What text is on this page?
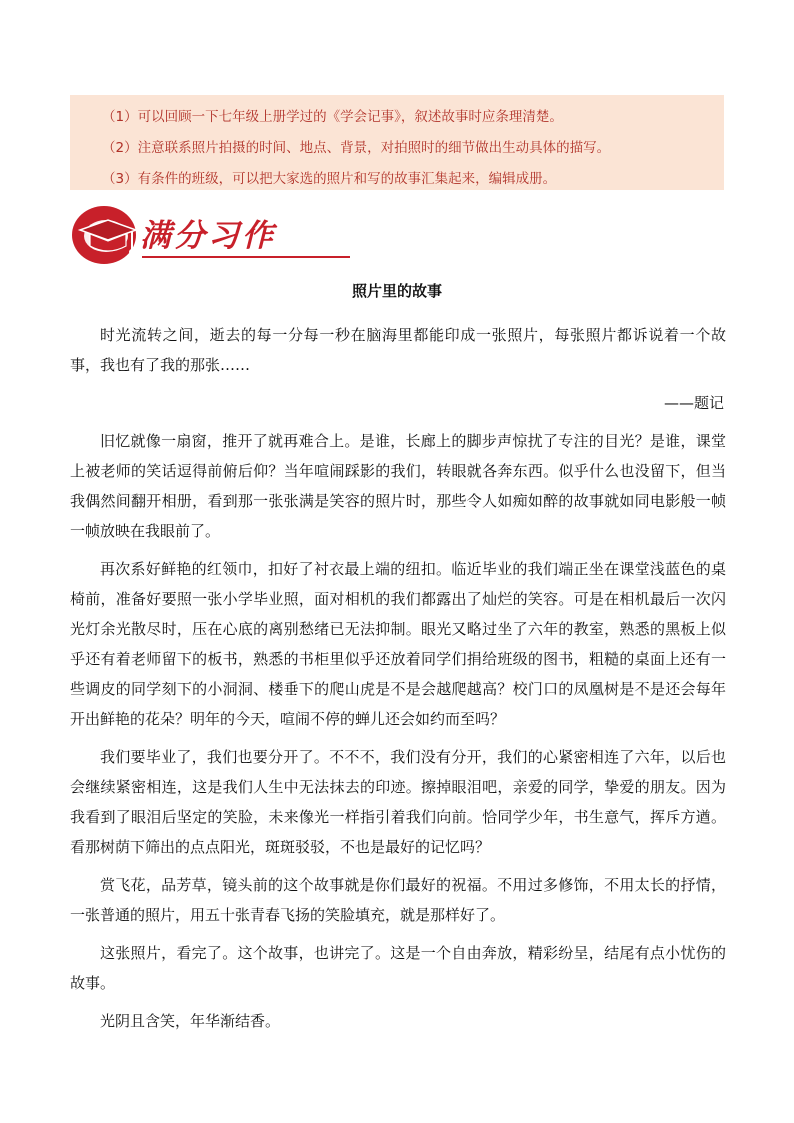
（1）可以回顾一下七年级上册学过的《学会记事》，叙述故事时应条理清楚。
（2）注意联系照片拍摄的时间、地点、背景，对拍照时的细节做出生动具体的描写。
（3）有条件的班级，可以把大家选的照片和写的故事汇集起来，编辑成册。
满分习作
照片里的故事

时光流转之间，逝去的每一分每一秒在脑海里都能印成一张照片，每张照片都诉说着一个故事，我也有了我的那张……

——题记

旧忆就像一扇窗，推开了就再难合上。是谁，长廊上的脚步声惊扰了专注的目光？是谁，课堂上被老师的笑话逗得前俯后仰？当年喧闹踩影的我们，转眼就各奔东西。似乎什么也没留下，但当我偶然间翻开相册，看到那一张张满是笑容的照片时，那些令人如痴如醉的故事就如同电影般一帧一帧放映在我眼前了。

再次系好鲜艳的红领巾，扣好了衬衣最上端的纽扣。临近毕业的我们端正坐在课堂浅蓝色的桌椅前，准备好要照一张小学毕业照，面对相机的我们都露出了灿烂的笑容。可是在相机最后一次闪光灯余光散尽时，压在心底的离别愁绪已无法抑制。眼光又略过坐了六年的教室，熟悉的黑板上似乎还有着老师留下的板书，熟悉的书柜里似乎还放着同学们捐给班级的图书，粗糙的桌面上还有一些调皮的同学刻下的小洞洞、楼垂下的爬山虎是不是会越爬越高？校门口的凤凰树是不是还会每年开出鲜艳的花朵？明年的今天，喧闹不停的蝉儿还会如约而至吗？

我们要毕业了，我们也要分开了。不不不，我们没有分开，我们的心紧密相连了六年，以后也会继续紧密相连，这是我们人生中无法抹去的印迹。擦掉眼泪吧，亲爱的同学，挚爱的朋友。因为我看到了眼泪后坚定的笑脸，未来像光一样指引着我们向前。恰同学少年，书生意气，挥斥方遒。看那树荫下筛出的点点阳光，斑斑驳驳，不也是最好的记忆吗？

赏飞花，品芳草，镜头前的这个故事就是你们最好的祝福。不用过多修饰，不用太长的抒情，一张普通的照片，用五十张青春飞扬的笑脸填充，就是那样好了。

这张照片，看完了。这个故事，也讲完了。这是一个自由奔放，精彩纷呈，结尾有点小忧伤的故事。

光阴且含笑，年华渐结香。
